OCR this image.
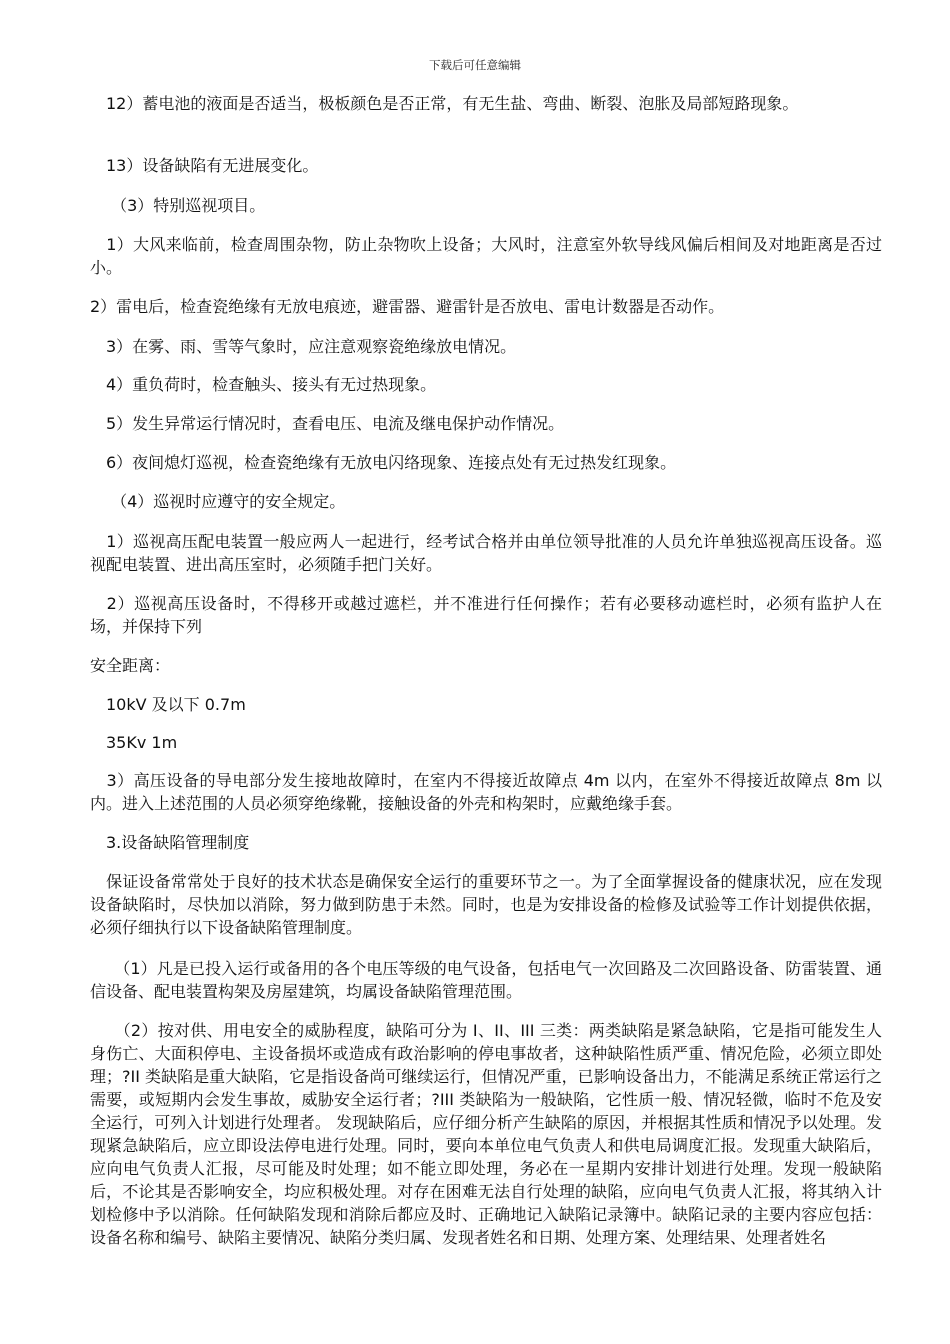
下载后可任意编辑

　12）蓄电池的液面是否适当，极板颜色是否正常，有无生盐、弯曲、断裂、泡胀及局部短路现象。

　13）设备缺陷有无进展变化。

　 （3）特别巡视项目。

　1）大风来临前，检查周围杂物，防止杂物吹上设备；大风时，注意室外软导线风偏后相间及对地距离是否过小。

2）雷电后，检查瓷绝缘有无放电痕迹，避雷器、避雷针是否放电、雷电计数器是否动作。

　3）在雾、雨、雪等气象时，应注意观察瓷绝缘放电情况。

　4）重负荷时，检查触头、接头有无过热现象。

　5）发生异常运行情况时，查看电压、电流及继电保护动作情况。

　6）夜间熄灯巡视，检查瓷绝缘有无放电闪络现象、连接点处有无过热发红现象。

　 （4）巡视时应遵守的安全规定。

　1）巡视高压配电装置一般应两人一起进行，经考试合格并由单位领导批准的人员允许单独巡视高压设备。巡视配电装置、进出高压室时，必须随手把门关好。

　2）巡视高压设备时，不得移开或越过遮栏，并不准进行任何操作；若有必要移动遮栏时，必须有监护人在场，并保持下列

安全距离：

　10kV 及以下 0.7m

　35Kv 1m

　3）高压设备的导电部分发生接地故障时，在室内不得接近故障点 4m 以内，在室外不得接近故障点 8m 以内。进入上述范围的人员必须穿绝缘靴，接触设备的外壳和构架时，应戴绝缘手套。

　3.设备缺陷管理制度

　保证设备常常处于良好的技术状态是确保安全运行的重要环节之一。为了全面掌握设备的健康状况，应在发现设备缺陷时，尽快加以消除，努力做到防患于未然。同时，也是为安排设备的检修及试验等工作计划提供依据，必须仔细执行以下设备缺陷管理制度。

　　（1）凡是已投入运行或备用的各个电压等级的电气设备，包括电气一次回路及二次回路设备、防雷装置、通信设备、配电装置构架及房屋建筑，均属设备缺陷管理范围。

　　（2）按对供、用电安全的威胁程度，缺陷可分为 I、II、III 三类：两类缺陷是紧急缺陷，它是指可能发生人身伤亡、大面积停电、主设备损坏或造成有政治影响的停电事故者，这种缺陷性质严重、情况危险，必须立即处理；?II 类缺陷是重大缺陷，它是指设备尚可继续运行，但情况严重，已影响设备出力，不能满足系统正常运行之需要，或短期内会发生事故，威胁安全运行者；?III 类缺陷为一般缺陷，它性质一般、情况轻微，临时不危及安全运行，可列入计划进行处理者。 发现缺陷后，应仔细分析产生缺陷的原因，并根据其性质和情况予以处理。发现紧急缺陷后，应立即设法停电进行处理。同时，要向本单位电气负责人和供电局调度汇报。发现重大缺陷后，应向电气负责人汇报，尽可能及时处理；如不能立即处理，务必在一星期内安排计划进行处理。发现一般缺陷后，不论其是否影响安全，均应积极处理。对存在困难无法自行处理的缺陷，应向电气负责人汇报，将其纳入计划检修中予以消除。任何缺陷发现和消除后都应及时、正确地记入缺陷记录簿中。缺陷记录的主要内容应包括：设备名称和编号、缺陷主要情况、缺陷分类归属、发现者姓名和日期、处理方案、处理结果、处理者姓名
